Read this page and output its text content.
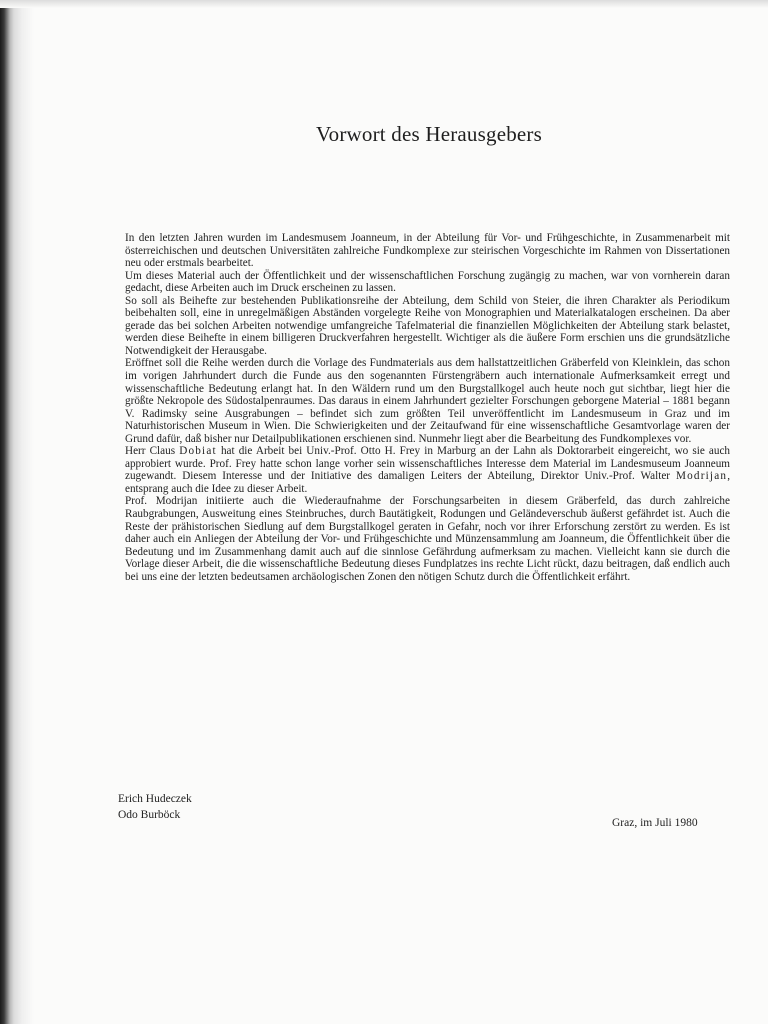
Vorwort des Herausgebers

In den letzten Jahren wurden im Landesmusem Joanneum, in der Abteilung für Vor- und Frühgeschichte, in Zusammenarbeit mit österreichischen und deutschen Universitäten zahlreiche Fundkomplexe zur steirischen Vorgeschichte im Rahmen von Dissertationen neu oder erstmals bearbeitet.

Um dieses Material auch der Öffentlichkeit und der wissenschaftlichen Forschung zugängig zu machen, war von vornherein daran gedacht, diese Arbeiten auch im Druck erscheinen zu lassen.

So soll als Beihefte zur bestehenden Publikationsreihe der Abteilung, dem Schild von Steier, die ihren Charakter als Periodikum beibehalten soll, eine in unregelmäßigen Abständen vorgelegte Reihe von Monographien und Materialkatalogen erscheinen. Da aber gerade das bei solchen Arbeiten notwendige umfangreiche Tafelmaterial die finanziellen Möglichkeiten der Abteilung stark belastet, werden diese Beihefte in einem billigeren Druckverfahren hergestellt. Wichtiger als die äußere Form erschien uns die grundsätzliche Notwendigkeit der Herausgabe.

Eröffnet soll die Reihe werden durch die Vorlage des Fundmaterials aus dem hallstattzeitlichen Gräberfeld von Kleinklein, das schon im vorigen Jahrhundert durch die Funde aus den sogenannten Fürstengräbern auch internationale Aufmerksamkeit erregt und wissenschaftliche Bedeutung erlangt hat. In den Wäldern rund um den Burgstallkogel auch heute noch gut sichtbar, liegt hier die größte Nekropole des Südostalpenraumes. Das daraus in einem Jahrhundert gezielter Forschungen geborgene Material – 1881 begann V. Radimsky seine Ausgrabungen – befindet sich zum größten Teil unveröffentlicht im Landesmuseum in Graz und im Naturhistorischen Museum in Wien. Die Schwierigkeiten und der Zeitaufwand für eine wissenschaftliche Gesamtvorlage waren der Grund dafür, daß bisher nur Detailpublikationen erschienen sind. Nunmehr liegt aber die Bearbeitung des Fundkomplexes vor.

Herr Claus Dobiat hat die Arbeit bei Univ.-Prof. Otto H. Frey in Marburg an der Lahn als Doktorarbeit eingereicht, wo sie auch approbiert wurde. Prof. Frey hatte schon lange vorher sein wissenschaftliches Interesse dem Material im Landesmuseum Joanneum zugewandt. Diesem Interesse und der Initiative des damaligen Leiters der Abteilung, Direktor Univ.-Prof. Walter Modrijan, entsprang auch die Idee zu dieser Arbeit.

Prof. Modrijan initiierte auch die Wiederaufnahme der Forschungsarbeiten in diesem Gräberfeld, das durch zahlreiche Raubgrabungen, Ausweitung eines Steinbruches, durch Bautätigkeit, Rodungen und Geländeverschub äußerst gefährdet ist. Auch die Reste der prähistorischen Siedlung auf dem Burgstallkogel geraten in Gefahr, noch vor ihrer Erforschung zerstört zu werden. Es ist daher auch ein Anliegen der Abteilung der Vor- und Frühgeschichte und Münzensammlung am Joanneum, die Öffentlichkeit über die Bedeutung und im Zusammenhang damit auch auf die sinnlose Gefährdung aufmerksam zu machen. Vielleicht kann sie durch die Vorlage dieser Arbeit, die die wissenschaftliche Bedeutung dieses Fundplatzes ins rechte Licht rückt, dazu beitragen, daß endlich auch bei uns eine der letzten bedeutsamen archäologischen Zonen den nötigen Schutz durch die Öffentlichkeit erfährt.

Erich Hudeczek
Odo Burböck
Graz, im Juli 1980
